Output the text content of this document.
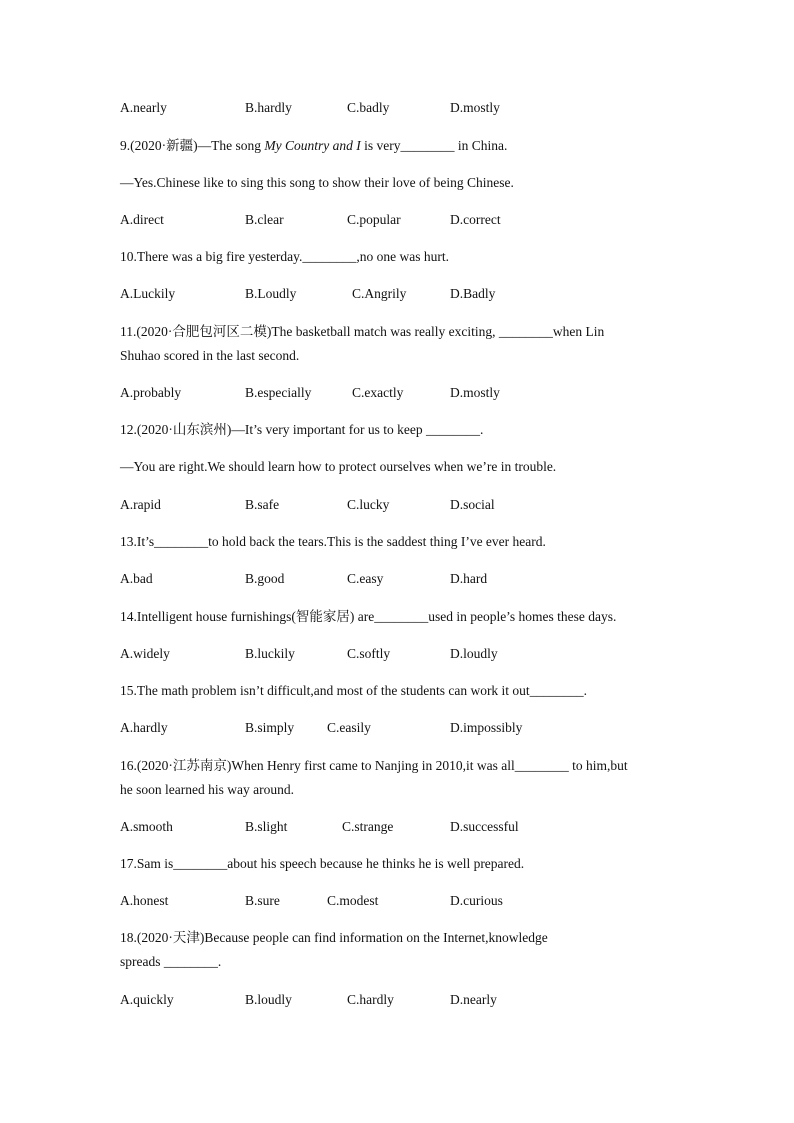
A.nearly	B.hardly	C.badly	D.mostly
9.(2020·新疆)—The song My Country and I is very________ in China.
—Yes.Chinese like to sing this song to show their love of being Chinese.
A.direct	B.clear	C.popular	D.correct
10.There was a big fire yesterday.________,no one was hurt.
A.Luckily	B.Loudly	C.Angrily	D.Badly
11.(2020·合肥包河区二模)The basketball match was really exciting, ________when Lin
Shuhao scored in the last second.
A.probably	B.especially	C.exactly	D.mostly
12.(2020·山东滨州)—It’s very important for us to keep ________.
—You are right.We should learn how to protect ourselves when we’re in trouble.
A.rapid	B.safe	C.lucky	D.social
13.It’s________to hold back the tears.This is the saddest thing I’ve ever heard.
A.bad	B.good	C.easy	D.hard
14.Intelligent house furnishings(智能家居) are________used in people’s homes these days.
A.widely	B.luckily	C.softly	D.loudly
15.The math problem isn’t difficult,and most of the students can work it out________.
A.hardly	B.simply C.easily	D.impossibly
16.(2020·江苏南京)When Henry first came to Nanjing in 2010,it was all________ to him,but
he soon learned his way around.
A.smooth	B.slight	C.strange	D.successful
17.Sam is________about his speech because he thinks he is well prepared.
A.honest	B.sure	C.modest	D.curious
18.(2020·天津)Because people can find information on the Internet,knowledge
spreads ________.
A.quickly	B.loudly	C.hardly	D.nearly
